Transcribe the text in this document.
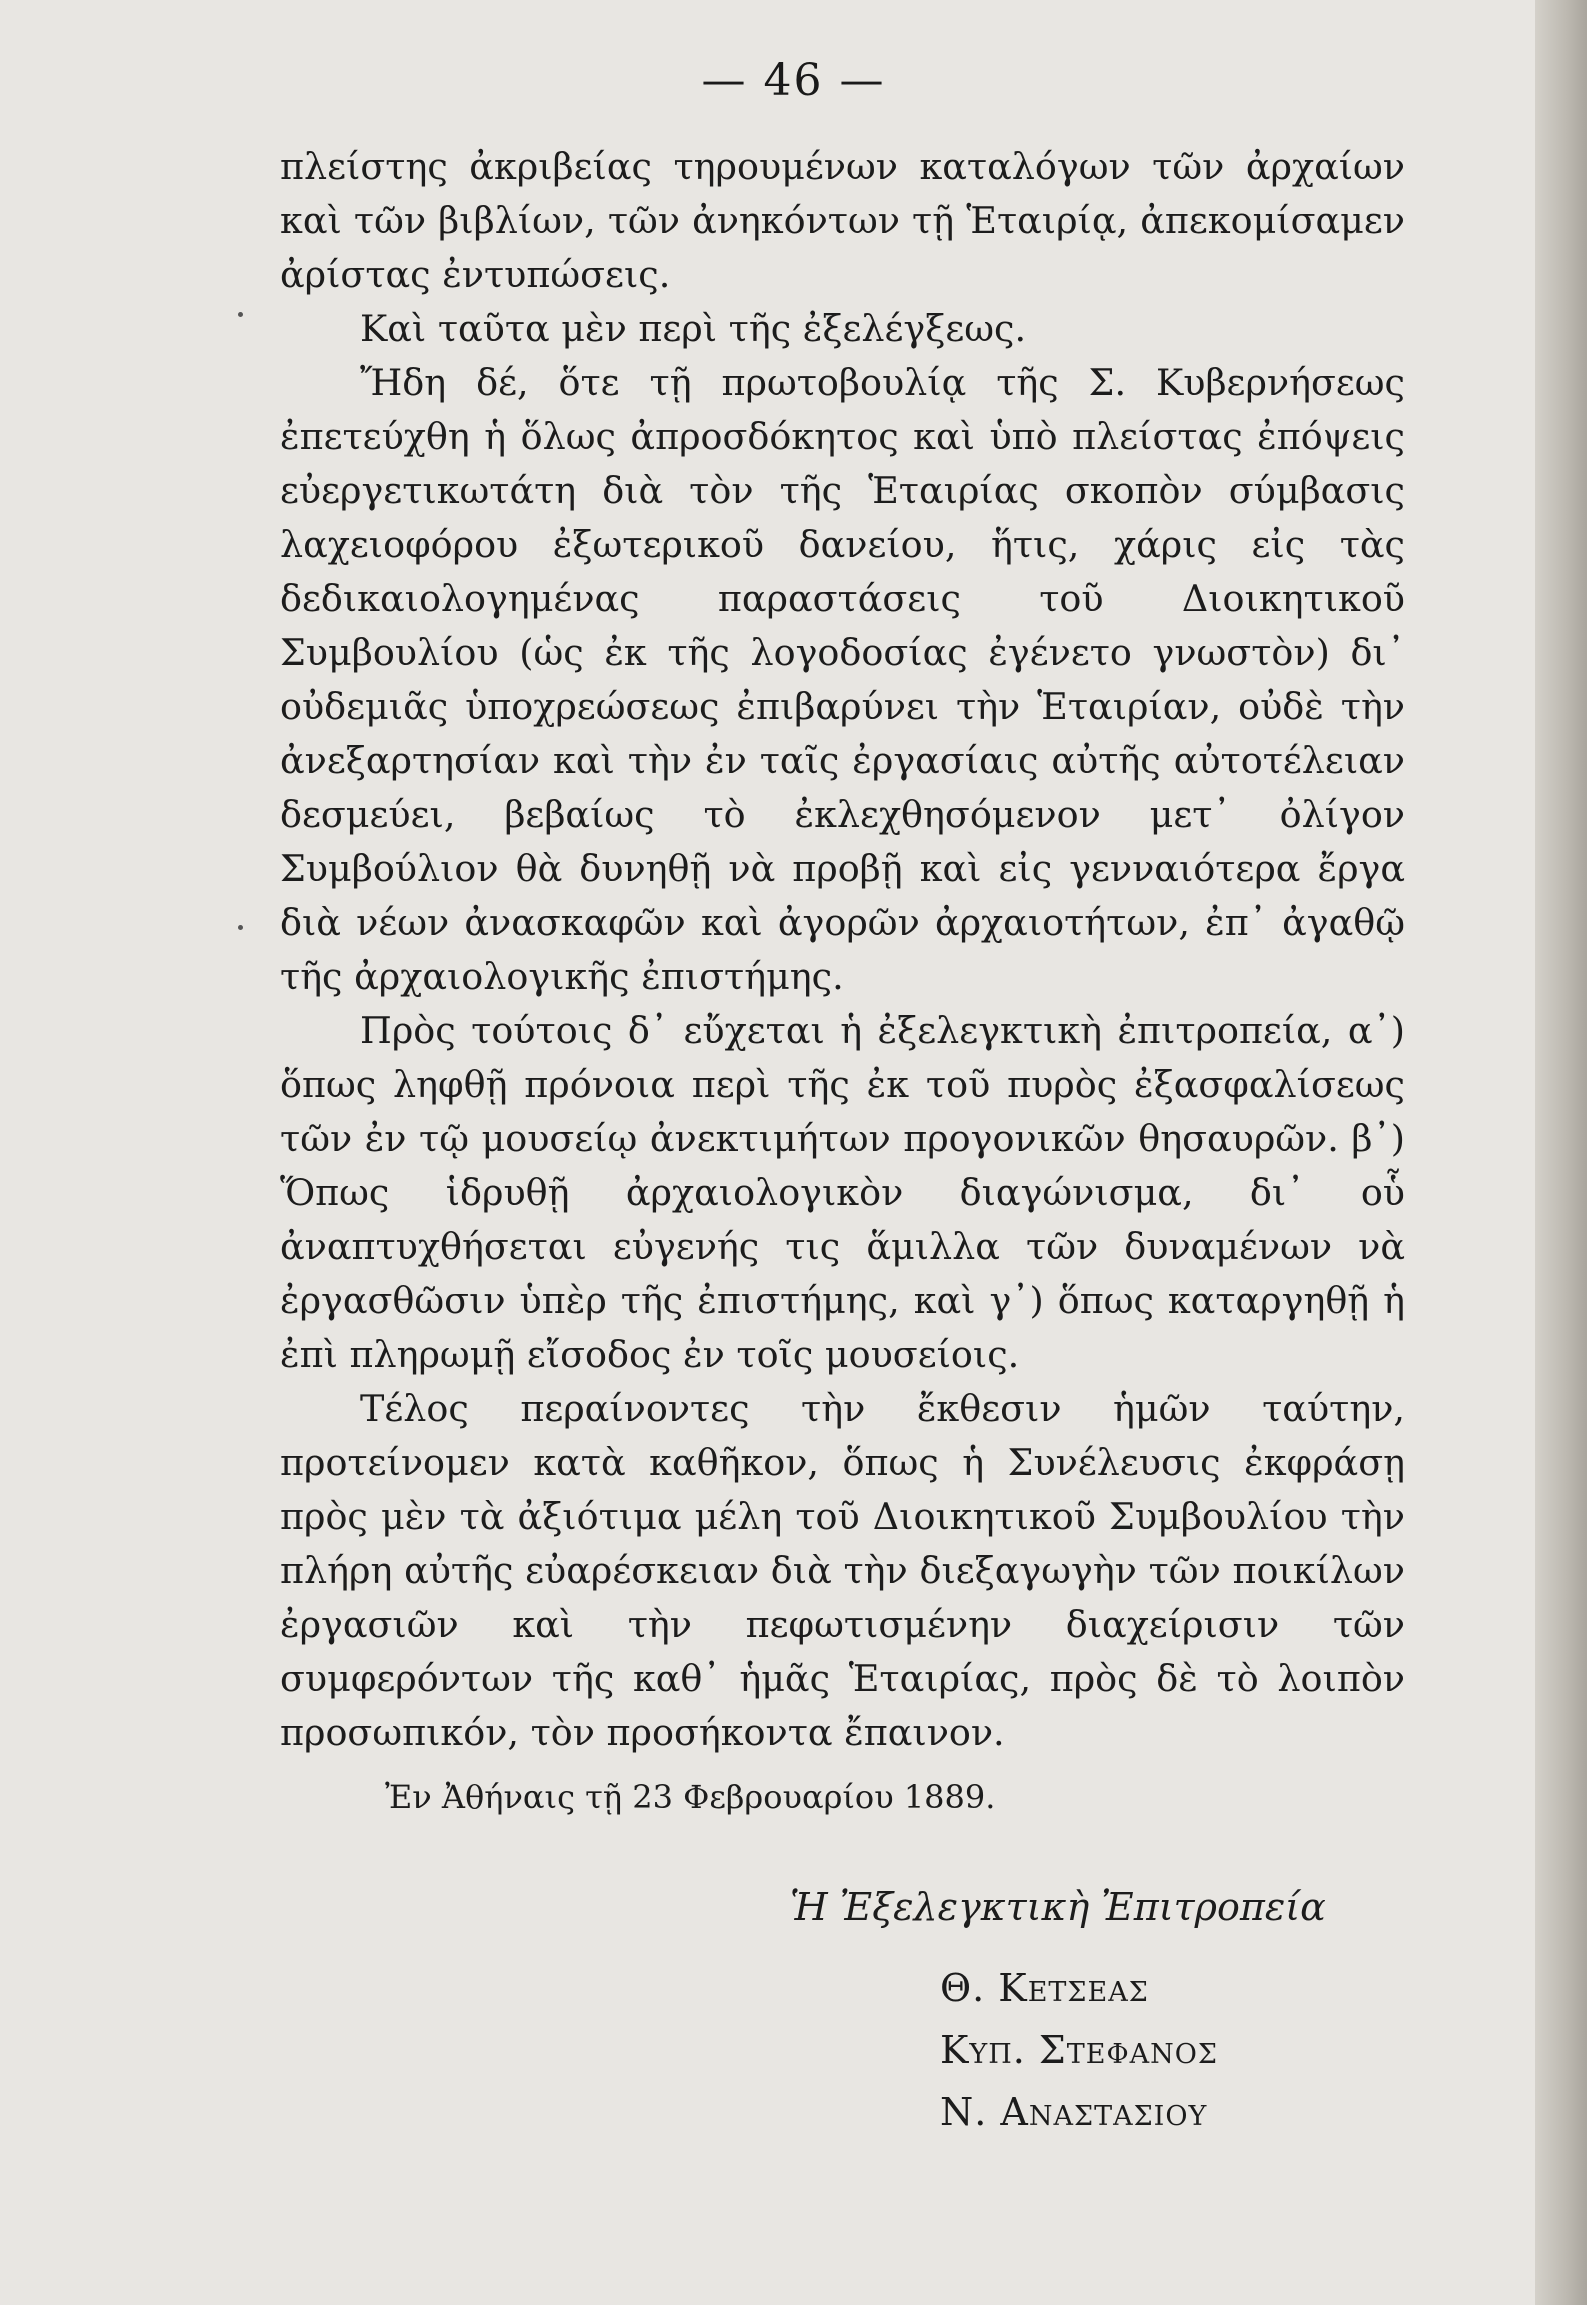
— 46 —

πλείστης ἀκριβείας τηρουμένων καταλόγων τῶν ἀρχαίων καὶ τῶν βιβλίων, τῶν ἀνηκόντων τῇ Ἑταιρίᾳ, ἀπεκομίσαμεν ἀρίστας ἐντυπώσεις.

Καὶ ταῦτα μὲν περὶ τῆς ἐξελέγξεως.

Ἤδη δέ, ὅτε τῇ πρωτοβουλίᾳ τῆς Σ. Κυβερνήσεως ἐπετεύχθη ἡ ὅλως ἀπροσδόκητος καὶ ὑπὸ πλείστας ἐπόψεις εὐεργετικωτάτη διὰ τὸν τῆς Ἑταιρίας σκοπὸν σύμβασις λαχειοφόρου ἐξωτερικοῦ δανείου, ἥτις, χάρις εἰς τὰς δεδικαιολογημένας παραστάσεις τοῦ Διοικητικοῦ Συμβουλίου (ὡς ἐκ τῆς λογοδοσίας ἐγένετο γνωστὸν) δι᾿ οὐδεμιᾶς ὑποχρεώσεως ἐπιβαρύνει τὴν Ἑταιρίαν, οὐδὲ τὴν ἀνεξαρτησίαν καὶ τὴν ἐν ταῖς ἐργασίαις αὐτῆς αὐτοτέλειαν δεσμεύει, βεβαίως τὸ ἐκλεχθησόμενον μετ᾿ ὀλίγον Συμβούλιον θὰ δυνηθῇ νὰ προβῇ καὶ εἰς γενναιότερα ἔργα διὰ νέων ἀνασκαφῶν καὶ ἀγορῶν ἀρχαιοτήτων, ἐπ᾿ ἀγαθῷ τῆς ἀρχαιολογικῆς ἐπιστήμης.

Πρὸς τούτοις δ᾿ εὔχεται ἡ ἐξελεγκτικὴ ἐπιτροπεία, α᾿) ὅπως ληφθῇ πρόνοια περὶ τῆς ἐκ τοῦ πυρὸς ἐξασφαλίσεως τῶν ἐν τῷ μουσείῳ ἀνεκτιμήτων προγονικῶν θησαυρῶν. β᾿) Ὅπως ἱδρυθῇ ἀρχαιολογικὸν διαγώνισμα, δι᾿ οὗ ἀναπτυχθήσεται εὐγενής τις ἅμιλλα τῶν δυναμένων νὰ ἐργασθῶσιν ὑπὲρ τῆς ἐπιστήμης, καὶ γ᾿) ὅπως καταργηθῇ ἡ ἐπὶ πληρωμῇ εἴσοδος ἐν τοῖς μουσείοις.

Τέλος περαίνοντες τὴν ἔκθεσιν ἡμῶν ταύτην, προτείνομεν κατὰ καθῆκον, ὅπως ἡ Συνέλευσις ἐκφράσῃ πρὸς μὲν τὰ ἀξιότιμα μέλη τοῦ Διοικητικοῦ Συμβουλίου τὴν πλήρη αὐτῆς εὐαρέσκειαν διὰ τὴν διεξαγωγὴν τῶν ποικίλων ἐργασιῶν καὶ τὴν πεφωτισμένην διαχείρισιν τῶν συμφερόντων τῆς καθ᾿ ἡμᾶς Ἑταιρίας, πρὸς δὲ τὸ λοιπὸν προσωπικόν, τὸν προσήκοντα ἔπαινον.

Ἐν Ἀθήναις τῇ 23 Φεβρουαρίου 1889.
Ἡ Ἐξελεγκτικὴ Ἐπιτροπεία
Θ. Κετσεας
Κυπ. Στεφανος
Ν. Αναστασιου
